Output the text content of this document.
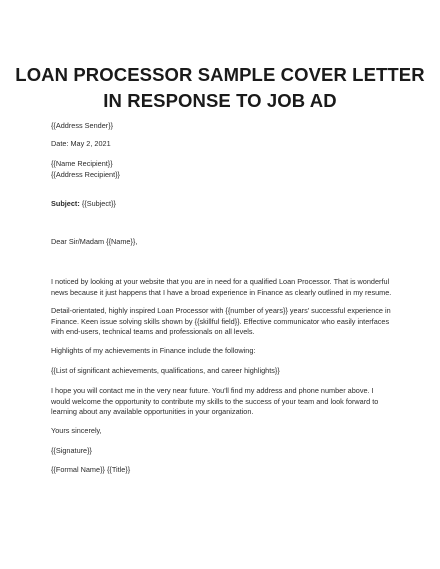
LOAN PROCESSOR SAMPLE COVER LETTER
IN RESPONSE TO JOB AD
{{Address Sender}}
Date: May 2, 2021
{{Name Recipient}}
{{Address Recipient}}
Subject: {{Subject}}
Dear Sir/Madam {{Name}},
I noticed by looking at your website that you are in need for a qualified Loan Processor. That is wonderful
news because it just happens that I have a broad experience in Finance as clearly outlined in my resume.
Detail-orientated, highly inspired Loan Processor with {{number of years}} years' successful experience in
Finance. Keen issue solving skills shown by {{skillful field}}. Effective communicator who easily interfaces
with end-users, technical teams and professionals on all levels.
Highlights of my achievements in Finance include the following:
{{List of significant achievements, qualifications, and career highlights}}
I hope you will contact me in the very near future. You'll find my address and phone number above. I
would welcome the opportunity to contribute my skills to the success of your team and look forward to
learning about any available opportunities in your organization.
Yours sincerely,
{{Signature}}
{{Formal Name}} {{Title}}
